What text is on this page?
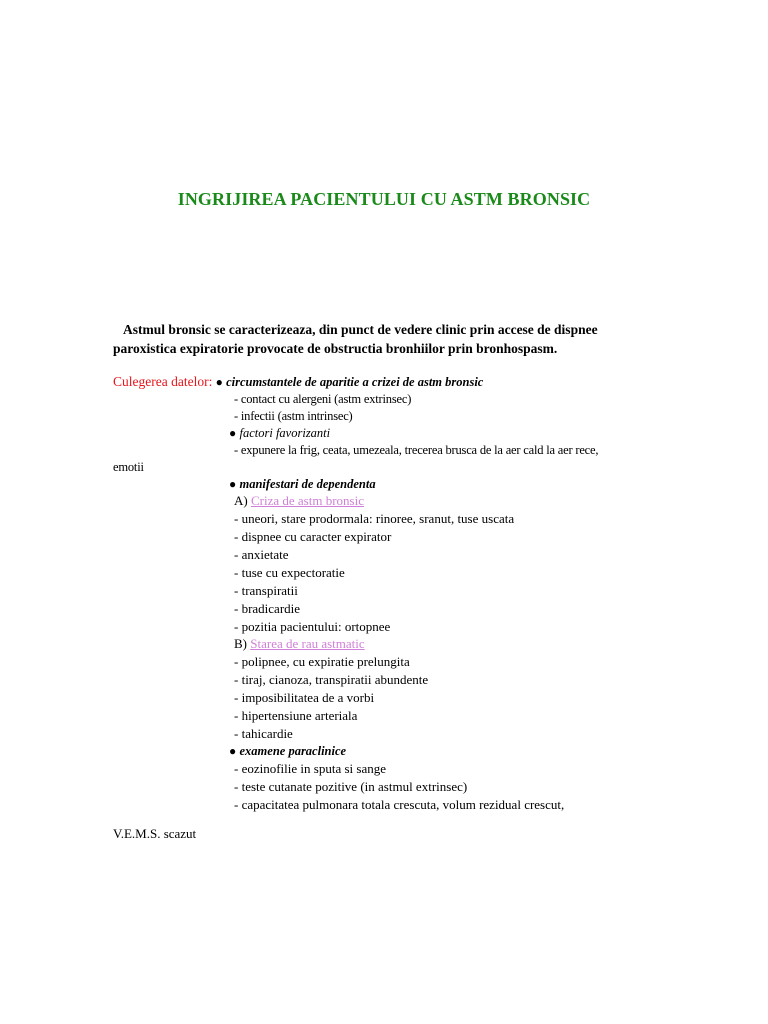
INGRIJIREA PACIENTULUI CU ASTM BRONSIC
Astmul bronsic se caracterizeaza, din punct de vedere clinic prin accese de dispnee
paroxistica expiratorie provocate de obstructia bronhiilor prin bronhospasm.
Culegerea datelor: ● circumstantele de aparitie a crizei de astm bronsic
- contact cu alergeni (astm extrinsec)
- infectii (astm intrinsec)
● factori favorizanti
- expunere la frig, ceata, umezeala, trecerea brusca de la aer cald la aer rece,
emotii
● manifestari de dependenta
A) Criza de astm bronsic
- uneori, stare prodormala: rinoree, sranut, tuse uscata
- dispnee cu caracter expirator
- anxietate
- tuse cu expectoratie
- transpiratii
- bradicardie
- pozitia pacientului: ortopnee
B) Starea de rau astmatic
- polipnee, cu expiratie prelungita
- tiraj, cianoza, transpiratii abundente
- imposibilitatea de a vorbi
- hipertensiune arteriala
- tahicardie
● examene paraclinice
- eozinofilie in sputa si sange
- teste cutanate pozitive (in astmul extrinsec)
- capacitatea pulmonara totala crescuta, volum rezidual crescut,
V.E.M.S. scazut
